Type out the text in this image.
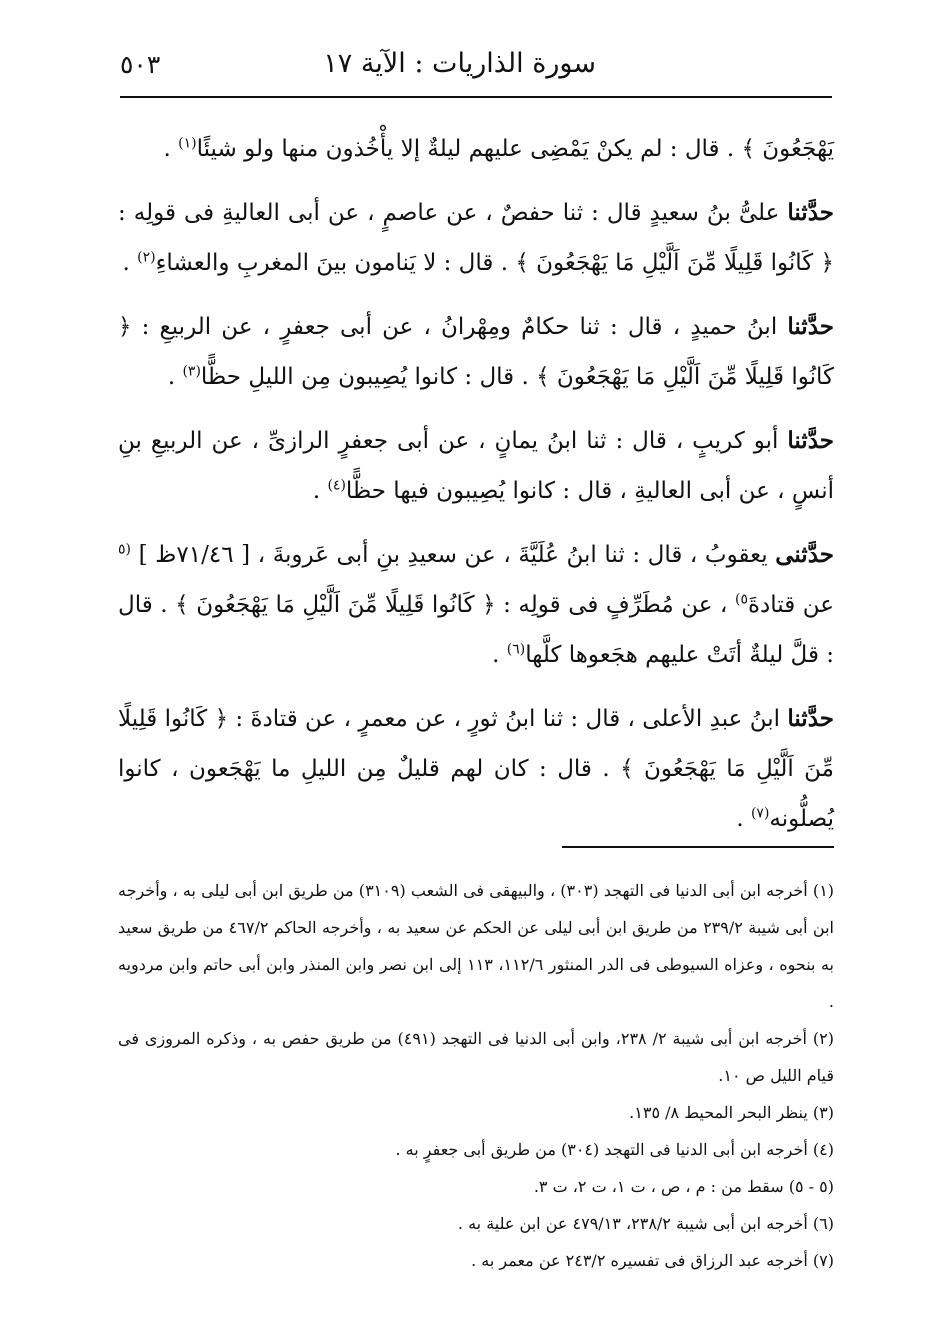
سورة الذاريات : الآية ١٧
٥٠٣

يَهْجَعُونَ ﴾ . قال : لم يكنْ يَمْضِى عليهم ليلةٌ إلا يأْخُذون منها ولو شيئًا$^{(١)}$ .

حدَّثنا علىُّ بنُ سعيدٍ قال : ثنا حفصٌ ، عن عاصمٍ ، عن أبى العاليةِ فى قولِه : ﴿ كَانُوا قَلِيلًا مِّنَ اَلَّيْلِ مَا يَهْجَعُونَ ﴾ . قال : لا يَنامون بينَ المغربِ والعشاءِ$^{(٢)}$ .

حدَّثنا ابنُ حميدٍ ، قال : ثنا حكامٌ ومِهْرانُ ، عن أبى جعفرٍ ، عن الربيعِ : ﴿ كَانُوا قَلِيلًا مِّنَ اَلَّيْلِ مَا يَهْجَعُونَ ﴾ . قال : كانوا يُصِيبون مِن الليلِ حظًّا$^{(٣)}$ .

حدَّثنا أبو كريبٍ ، قال : ثنا ابنُ يمانٍ ، عن أبى جعفرٍ الرازىِّ ، عن الربيعِ بنِ أنسٍ ، عن أبى العاليةِ ، قال : كانوا يُصِيبون فيها حظًّا$^{(٤)}$ .

حدَّثنى يعقوبُ ، قال : ثنا ابنُ عُلَيَّةَ ، عن سعيدِ بنِ أبى عَروبةَ ، [ ٧١/٤٦ظ ] $^{(٥}$ عن قتادةَ$^{٥)}$ ، عن مُطَرِّفٍ فى قولِه : ﴿ كَانُوا قَلِيلًا مِّنَ اَلَّيْلِ مَا يَهْجَعُونَ ﴾ . قال : قلَّ ليلةٌ أتَتْ عليهم هجَعوها كلَّها$^{(٦)}$ .

حدَّثنا ابنُ عبدِ الأعلى ، قال : ثنا ابنُ ثورٍ ، عن معمرٍ ، عن قتادةَ : ﴿ كَانُوا قَلِيلًا مِّنَ اَلَّيْلِ مَا يَهْجَعُونَ ﴾ . قال : كان لهم قليلٌ مِن الليلِ ما يَهْجَعون ، كانوا يُصلُّونه$^{(٧)}$ .

(١) أخرجه ابن أبى الدنيا فى التهجد (٣٠٣) ، والبيهقى فى الشعب (٣١٠٩) من طريق ابن أبى ليلى به ، وأخرجه ابن أبى شيبة ٢٣٩/٢ من طريق ابن أبى ليلى عن الحكم عن سعيد به ، وأخرجه الحاكم ٤٦٧/٢ من طريق سعيد به بنحوه ، وعزاه السيوطى فى الدر المنثور ١١٢/٦، ١١٣ إلى ابن نصر وابن المنذر وابن أبى حاتم وابن مردويه .

(٢) أخرجه ابن أبى شيبة ٢/ ٢٣٨، وابن أبى الدنيا فى التهجد (٤٩١) من طريق حفص به ، وذكره المروزى فى قيام الليل ص ١٠.

(٣) ينظر البحر المحيط ٨/ ١٣٥.

(٤) أخرجه ابن أبى الدنيا فى التهجد (٣٠٤) من طريق أبى جعفرٍ به .

(٥ - ٥) سقط من : م ، ص ، ت ١، ت ٢، ت ٣.

(٦) أخرجه ابن أبى شيبة ٢٣٨/٢، ٤٧٩/١٣ عن ابن علية به .

(٧) أخرجه عبد الرزاق فى تفسيره ٢٤٣/٢ عن معمر به .
